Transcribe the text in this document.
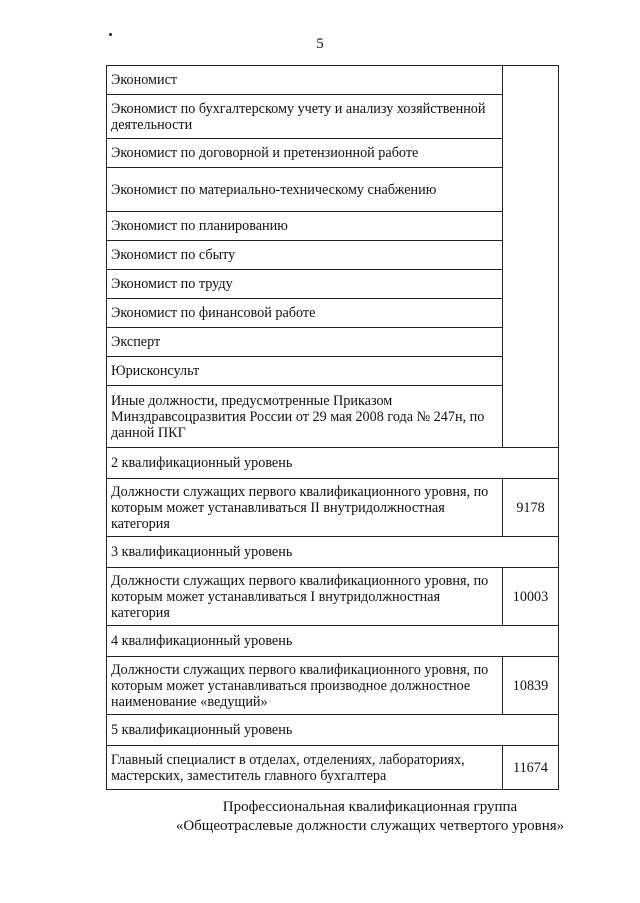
5
Экономист	
Экономист по бухгалтерскому учету и анализу хозяйственной деятельности	
Экономист по договорной и претензионной работе	
Экономист по материально-техническому снабжению	
Экономист по планированию	
Экономист по сбыту	
Экономист по труду	
Экономист по финансовой работе	
Эксперт	
Юрисконсульт	
Иные должности, предусмотренные Приказом Минздравсоцразвития России от 29 мая 2008 года № 247н, по данной ПКГ	
2 квалификационный уровень	
Должности служащих первого квалификационного уровня, по которым может устанавливаться II внутридолжностная категория	9178
3 квалификационный уровень	
Должности служащих первого квалификационного уровня, по которым может устанавливаться I внутридолжностная категория	10003
4 квалификационный уровень	
Должности служащих первого квалификационного уровня, по которым может устанавливаться производное должностное наименование «ведущий»	10839
5 квалификационный уровень	
Главный специалист в отделах, отделениях, лабораториях, мастерских, заместитель главного бухгалтера	11674
Профессиональная квалификационная группа
«Общеотраслевые должности служащих четвертого уровня»
